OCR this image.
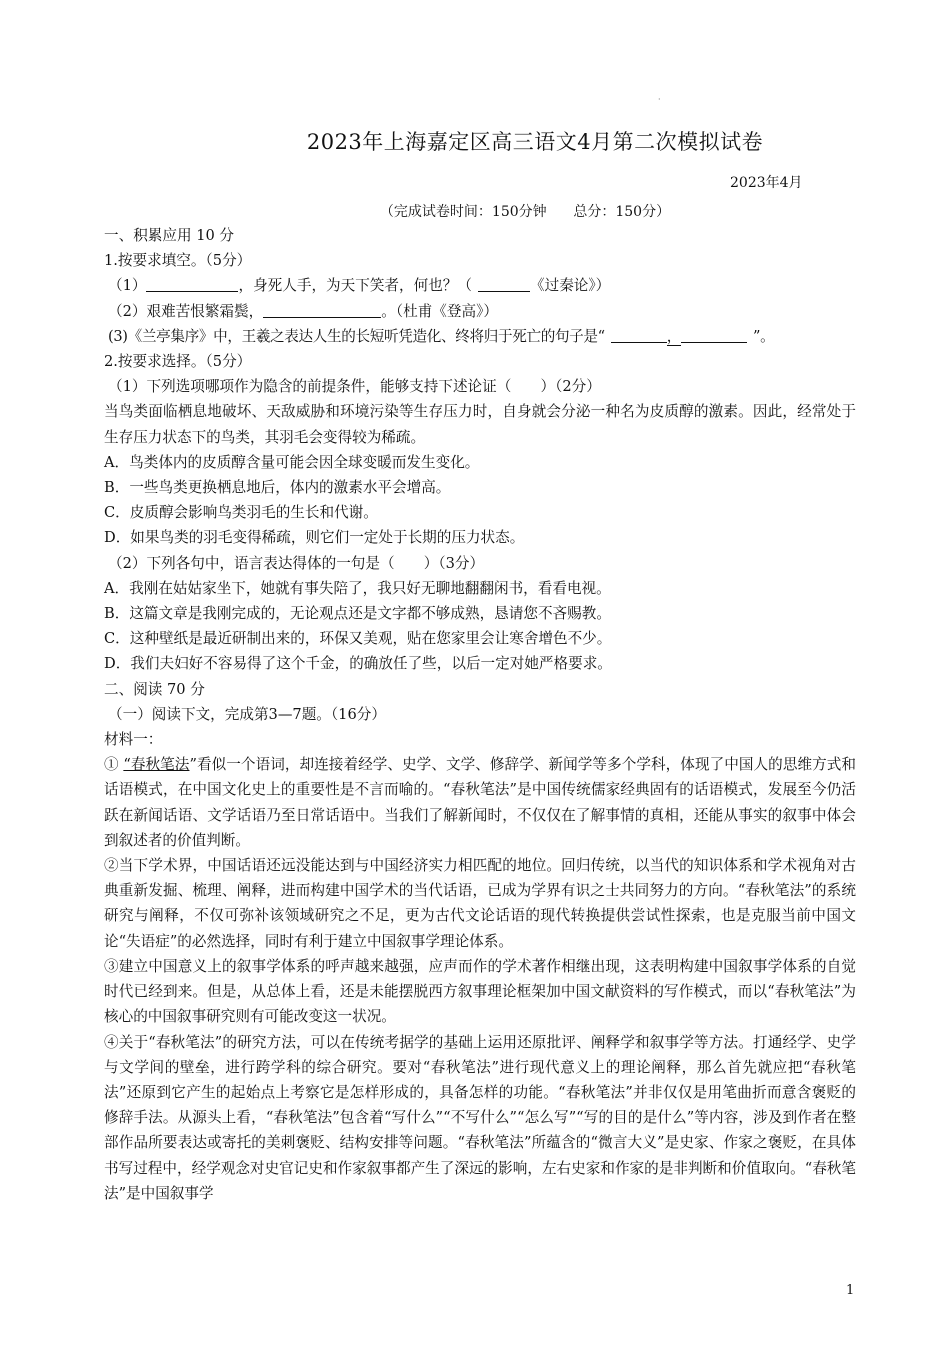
·
2023年上海嘉定区高三语文4月第二次模拟试卷
2023年4月
（完成试卷时间：150分钟      总分：150分）

一、积累应用 10 分

1.按要求填空。（5分）

（1）	，身死人手，为天下笑者，何也？（	《过秦论》）

（2）艰难苦恨繁霜鬓，	。（杜甫《登高》）

(3)《兰亭集序》中，王羲之表达人生的长短听凭造化、终将归于死亡的句子是“	，	”。

2.按要求选择。（5分）

（1）下列选项哪项作为隐含的前提条件，能够支持下述论证（　　）（2分）

当鸟类面临栖息地破坏、天敌威胁和环境污染等生存压力时，自身就会分泌一种名为皮质醇的激素。因此，经常处于生存压力状态下的鸟类，其羽毛会变得较为稀疏。

A．鸟类体内的皮质醇含量可能会因全球变暖而发生变化。

B．一些鸟类更换栖息地后，体内的激素水平会增高。

C．皮质醇会影响鸟类羽毛的生长和代谢。

D．如果鸟类的羽毛变得稀疏，则它们一定处于长期的压力状态。

（2）下列各句中，语言表达得体的一句是（　　）（3分）

A．我刚在姑姑家坐下，她就有事失陪了，我只好无聊地翻翻闲书，看看电视。

B．这篇文章是我刚完成的，无论观点还是文字都不够成熟，恳请您不吝赐教。

C．这种壁纸是最近研制出来的，环保又美观，贴在您家里会让寒舍增色不少。

D．我们夫妇好不容易得了这个千金，的确放任了些，以后一定对她严格要求。

二、阅读 70 分

（一）阅读下文，完成第3—7题。（16分）

材料一：

① “春秋笔法”看似一个语词，却连接着经学、史学、文学、修辞学、新闻学等多个学科，体现了中国人的思维方式和话语模式，在中国文化史上的重要性是不言而喻的。“春秋笔法”是中国传统儒家经典固有的话语模式，发展至今仍活跃在新闻话语、文学话语乃至日常话语中。当我们了解新闻时，不仅仅在了解事情的真相，还能从事实的叙事中体会到叙述者的价值判断。

②当下学术界，中国话语还远没能达到与中国经济实力相匹配的地位。回归传统，以当代的知识体系和学术视角对古典重新发掘、梳理、阐释，进而构建中国学术的当代话语，已成为学界有识之士共同努力的方向。“春秋笔法”的系统研究与阐释，不仅可弥补该领域研究之不足，更为古代文论话语的现代转换提供尝试性探索，也是克服当前中国文论“失语症”的必然选择，同时有利于建立中国叙事学理论体系。

③建立中国意义上的叙事学体系的呼声越来越强，应声而作的学术著作相继出现，这表明构建中国叙事学体系的自觉时代已经到来。但是，从总体上看，还是未能摆脱西方叙事理论框架加中国文献资料的写作模式，而以“春秋笔法”为核心的中国叙事研究则有可能改变这一状况。

④关于“春秋笔法”的研究方法，可以在传统考据学的基础上运用还原批评、阐释学和叙事学等方法。打通经学、史学与文学间的壁垒，进行跨学科的综合研究。要对“春秋笔法”进行现代意义上的理论阐释，那么首先就应把“春秋笔法”还原到它产生的起始点上考察它是怎样形成的，具备怎样的功能。“春秋笔法”并非仅仅是用笔曲折而意含褒贬的修辞手法。从源头上看，“春秋笔法”包含着“写什么”“不写什么”“怎么写”“写的目的是什么”等内容，涉及到作者在整部作品所要表达或寄托的美刺褒贬、结构安排等问题。“春秋笔法”所蕴含的“微言大义”是史家、作家之褒贬，在具体书写过程中，经学观念对史官记史和作家叙事都产生了深远的影响，左右史家和作家的是非判断和价值取向。“春秋笔法”是中国叙事学

1
